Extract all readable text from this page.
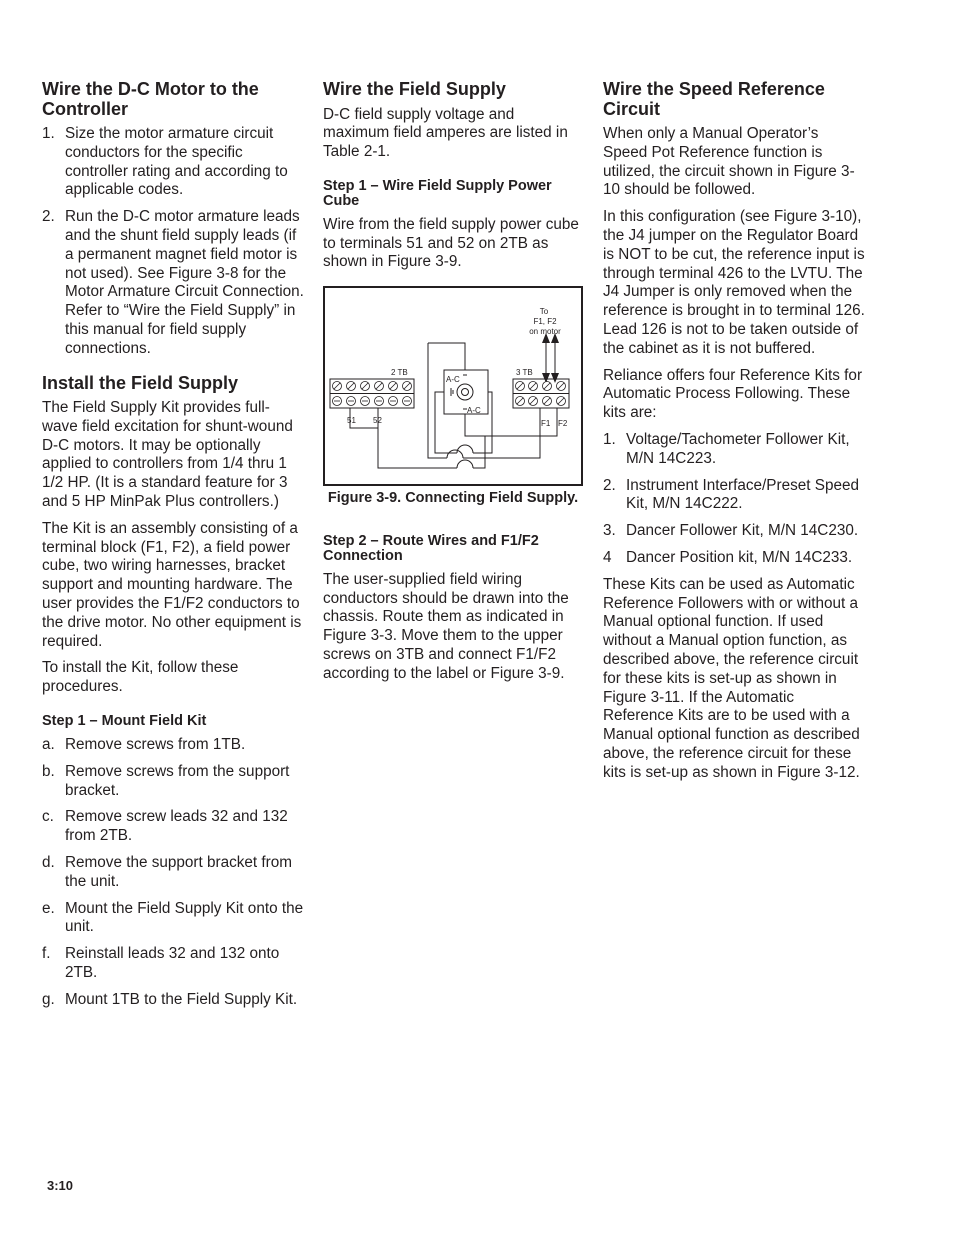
Wire the D-C Motor to the Controller
1. Size the motor armature circuit conductors for the specific controller rating and according to applicable codes.
2. Run the D-C motor armature leads and the shunt field supply leads (if a permanent magnet field motor is not used). See Figure 3-8 for the Motor Armature Circuit Connection. Refer to “Wire the Field Supply” in this manual for field supply connections.
Install the Field Supply

The Field Supply Kit provides full-wave field excitation for shunt-wound D-C motors. It may be optionally applied to controllers from 1/4 thru 1 1/2 HP. (It is a standard feature for 3 and 5 HP MinPak Plus controllers.)

The Kit is an assembly consisting of a terminal block (F1, F2), a field power cube, two wiring harnesses, bracket support and mounting hardware. The user provides the F1/F2 conductors to the drive motor. No other equipment is required.

To install the Kit, follow these procedures.

Step 1 – Mount Field Kit
a. Remove screws from 1TB.
b. Remove screws from the support bracket.
c. Remove screw leads 32 and 132 from 2TB.
d. Remove the support bracket from the unit.
e. Mount the Field Supply Kit onto the unit.
f. Reinstall leads 32 and 132 onto 2TB.
g. Mount 1TB to the Field Supply Kit.
Wire the Field Supply

D-C field supply voltage and maximum field amperes are listed in Table 2-1.

Step 1 – Wire Field Supply Power Cube

Wire from the field supply power cube to terminals 51 and 52 on 2TB as shown in Figure 3-9.

2 TB	3 TB
A-C
A-C
51 52	F1 F2
To
F1, F2
on motor

Figure 3-9. Connecting Field Supply.

Step 2 – Route Wires and F1/F2 Connection

The user-supplied field wiring conductors should be drawn into the chassis. Route them as indicated in Figure 3-3. Move them to the upper screws on 3TB and connect F1/F2 according to the label or Figure 3-9.

Wire the Speed Reference Circuit

When only a Manual Operator’s Speed Pot Reference function is utilized, the circuit shown in Figure 3-10 should be followed.

In this configuration (see Figure 3-10), the J4 jumper on the Regulator Board is NOT to be cut, the reference input is through terminal 426 to the LVTU. The J4 Jumper is only removed when the reference is brought in to terminal 126. Lead 126 is not to be taken outside of the cabinet as it is not buffered.

Reliance offers four Reference Kits for Automatic Process Following. These kits are:

1. Voltage/Tachometer Follower Kit, M/N 14C223.
2. Instrument Interface/Preset Speed Kit, M/N 14C222.
3. Dancer Follower Kit, M/N 14C230.
4 Dancer Position kit, M/N 14C233.

These Kits can be used as Automatic Reference Followers with or without a Manual optional function. If used without a Manual option function, as described above, the reference circuit for these kits is set-up as shown in Figure 3-11. If the Automatic Reference Kits are to be used with a Manual optional function as described above, the reference circuit for these kits is set-up as shown in Figure 3-12.

3:10
